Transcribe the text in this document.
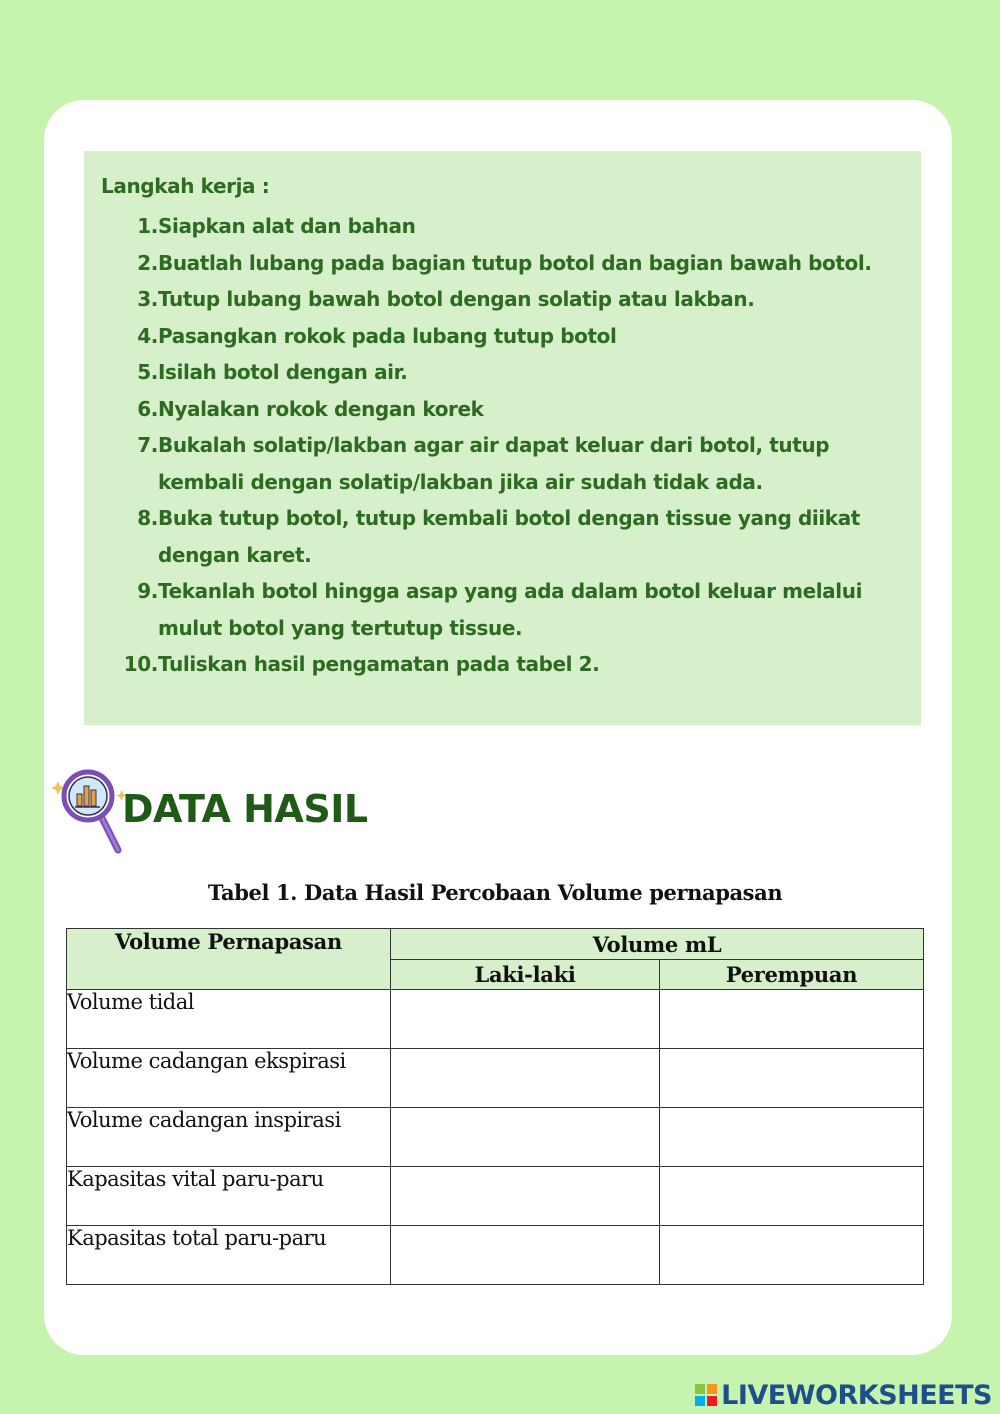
Langkah kerja :
1. Siapkan alat dan bahan

2. Buatlah lubang pada bagian tutup botol dan bagian bawah botol.

3. Tutup lubang bawah botol dengan solatip atau lakban.

4. Pasangkan rokok pada lubang tutup botol

5. Isilah botol dengan air.

6. Nyalakan rokok dengan korek

7. Bukalah solatip/lakban agar air dapat keluar dari botol, tutup kembali dengan solatip/lakban jika air sudah tidak ada.

8. Buka tutup botol, tutup kembali botol dengan tissue yang diikat dengan karet.

9. Tekanlah botol hingga asap yang ada dalam botol keluar melalui mulut botol yang tertutup tissue.

10. Tuliskan hasil pengamatan pada tabel 2.

DATA HASIL
Tabel 1. Data Hasil Percobaan Volume pernapasan
Volume Pernapasan	Volume mL	
	Laki-laki	Perempuan
Volume tidal		
Volume cadangan ekspirasi		
Volume cadangan inspirasi		
Kapasitas vital paru-paru		
Kapasitas total paru-paru		
LIVEWORKSHEETS
